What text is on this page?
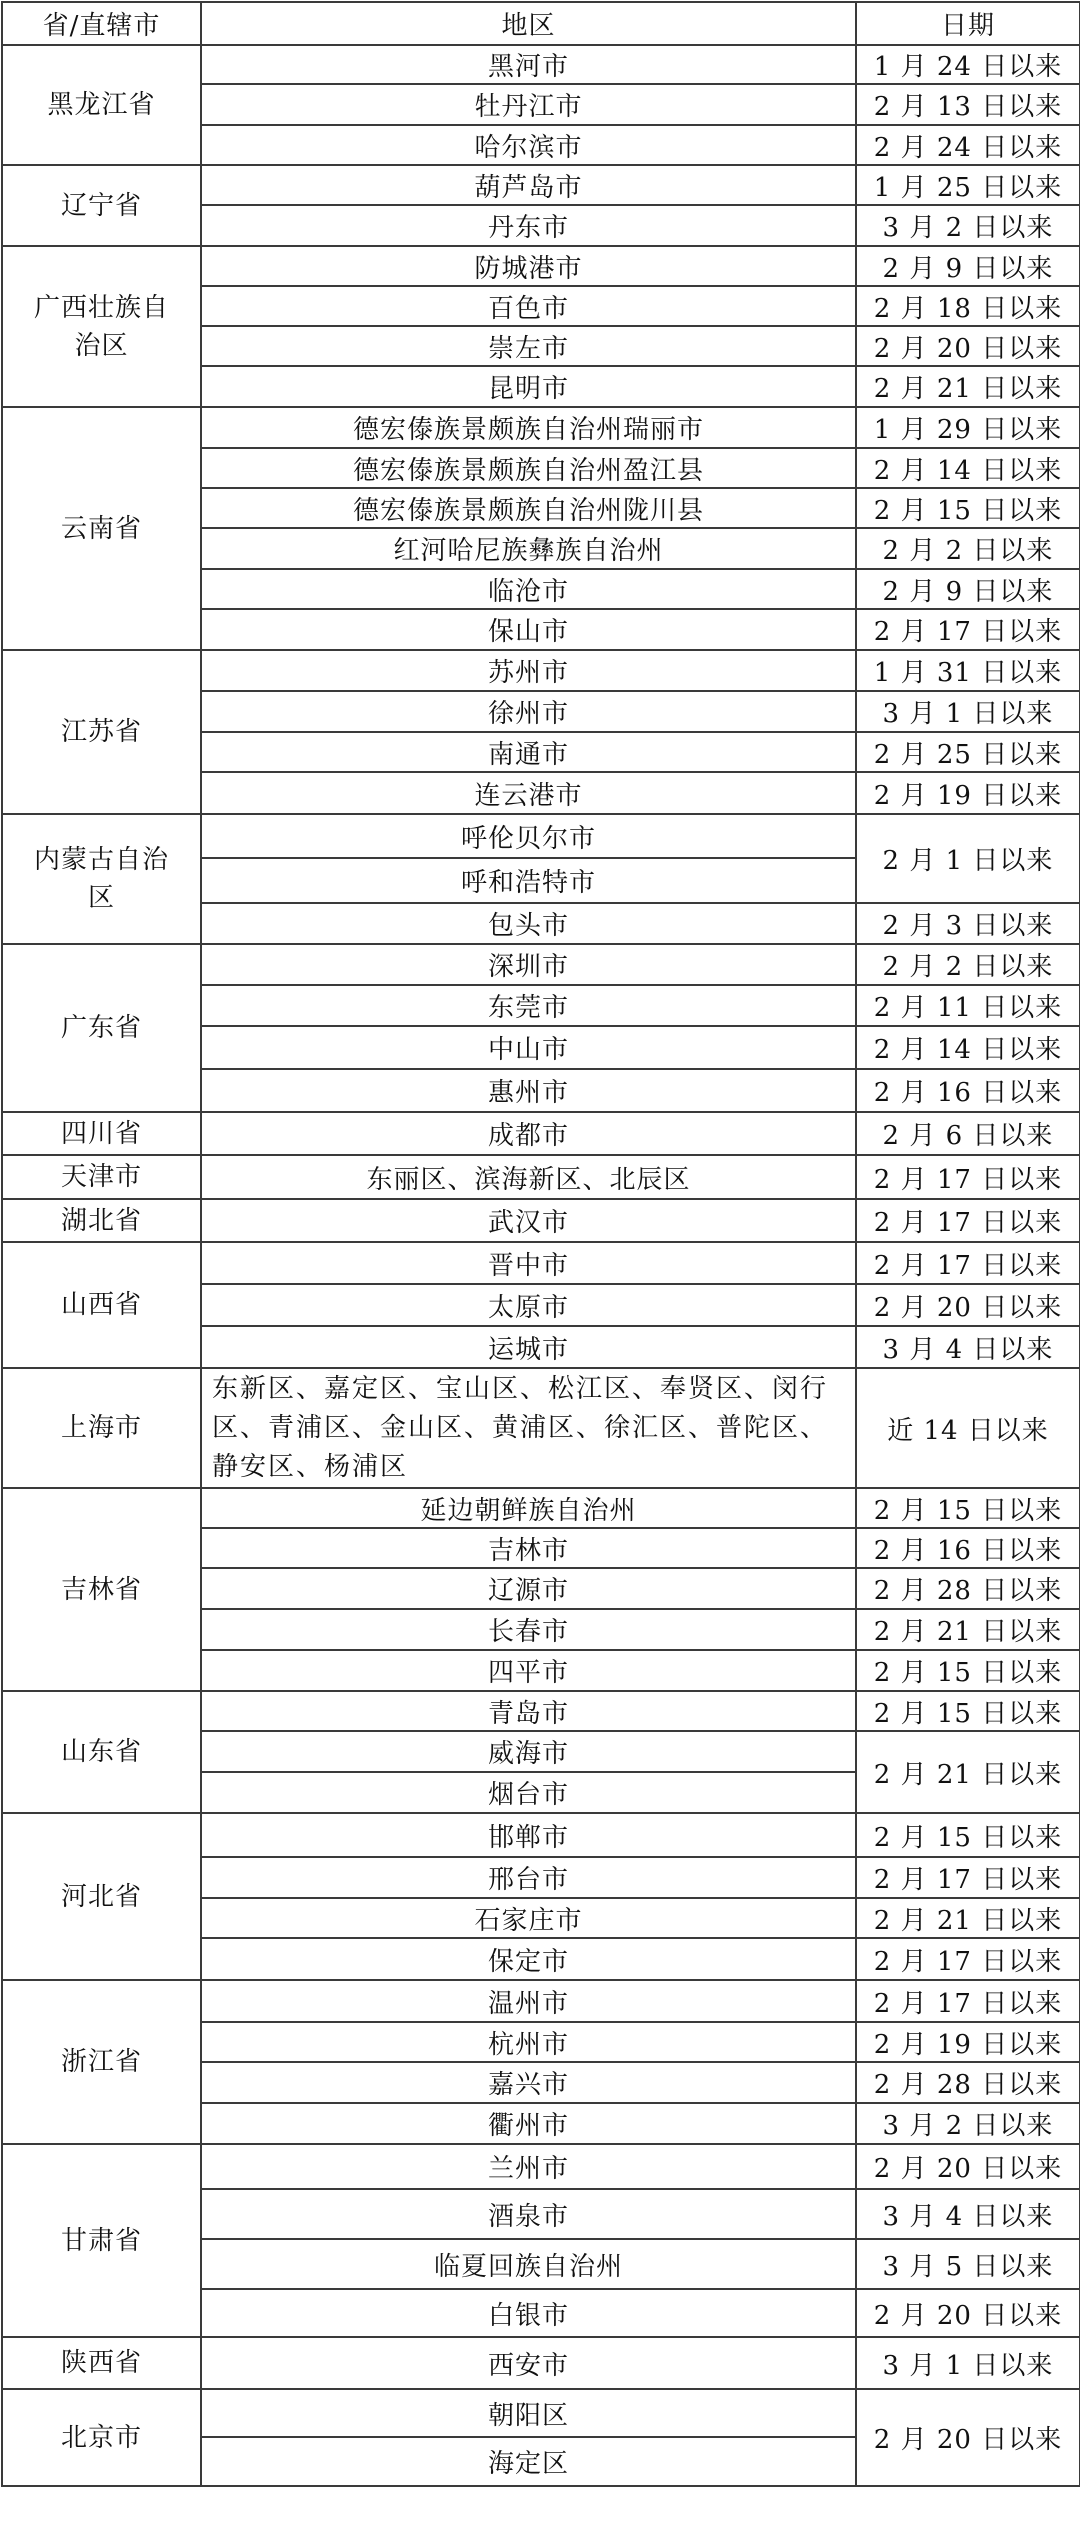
省/直辖市	地区	日期
黑龙江省	黑河市	1 月 24 日以来
	牡丹江市	2 月 13 日以来
	哈尔滨市	2 月 24 日以来
辽宁省	葫芦岛市	1 月 25 日以来
	丹东市	3 月 2 日以来
广西壮族自治区	防城港市	2 月 9 日以来
	百色市	2 月 18 日以来
	崇左市	2 月 20 日以来
	昆明市	2 月 21 日以来
云南省	德宏傣族景颇族自治州瑞丽市	1 月 29 日以来
	德宏傣族景颇族自治州盈江县	2 月 14 日以来
	德宏傣族景颇族自治州陇川县	2 月 15 日以来
	红河哈尼族彝族自治州	2 月 2 日以来
	临沧市	2 月 9 日以来
	保山市	2 月 17 日以来
江苏省	苏州市	1 月 31 日以来
	徐州市	3 月 1 日以来
	南通市	2 月 25 日以来
	连云港市	2 月 19 日以来
内蒙古自治区	呼伦贝尔市	2 月 1 日以来
	呼和浩特市	
	包头市	2 月 3 日以来
广东省	深圳市	2 月 2 日以来
	东莞市	2 月 11 日以来
	中山市	2 月 14 日以来
	惠州市	2 月 16 日以来
四川省	成都市	2 月 6 日以来
天津市	东丽区、滨海新区、北辰区	2 月 17 日以来
湖北省	武汉市	2 月 17 日以来
山西省	晋中市	2 月 17 日以来
	太原市	2 月 20 日以来
	运城市	3 月 4 日以来
上海市	东新区、嘉定区、宝山区、松江区、奉贤区、闵行区、青浦区、金山区、黄浦区、徐汇区、普陀区、静安区、杨浦区	近 14 日以来
吉林省	延边朝鲜族自治州	2 月 15 日以来
	吉林市	2 月 16 日以来
	辽源市	2 月 28 日以来
	长春市	2 月 21 日以来
	四平市	2 月 15 日以来
山东省	青岛市	2 月 15 日以来
	威海市	2 月 21 日以来
	烟台市	
河北省	邯郸市	2 月 15 日以来
	邢台市	2 月 17 日以来
	石家庄市	2 月 21 日以来
	保定市	2 月 17 日以来
浙江省	温州市	2 月 17 日以来
	杭州市	2 月 19 日以来
	嘉兴市	2 月 28 日以来
	衢州市	3 月 2 日以来
甘肃省	兰州市	2 月 20 日以来
	酒泉市	3 月 4 日以来
	临夏回族自治州	3 月 5 日以来
	白银市	2 月 20 日以来
陕西省	西安市	3 月 1 日以来
北京市	朝阳区	2 月 20 日以来
	海定区	
